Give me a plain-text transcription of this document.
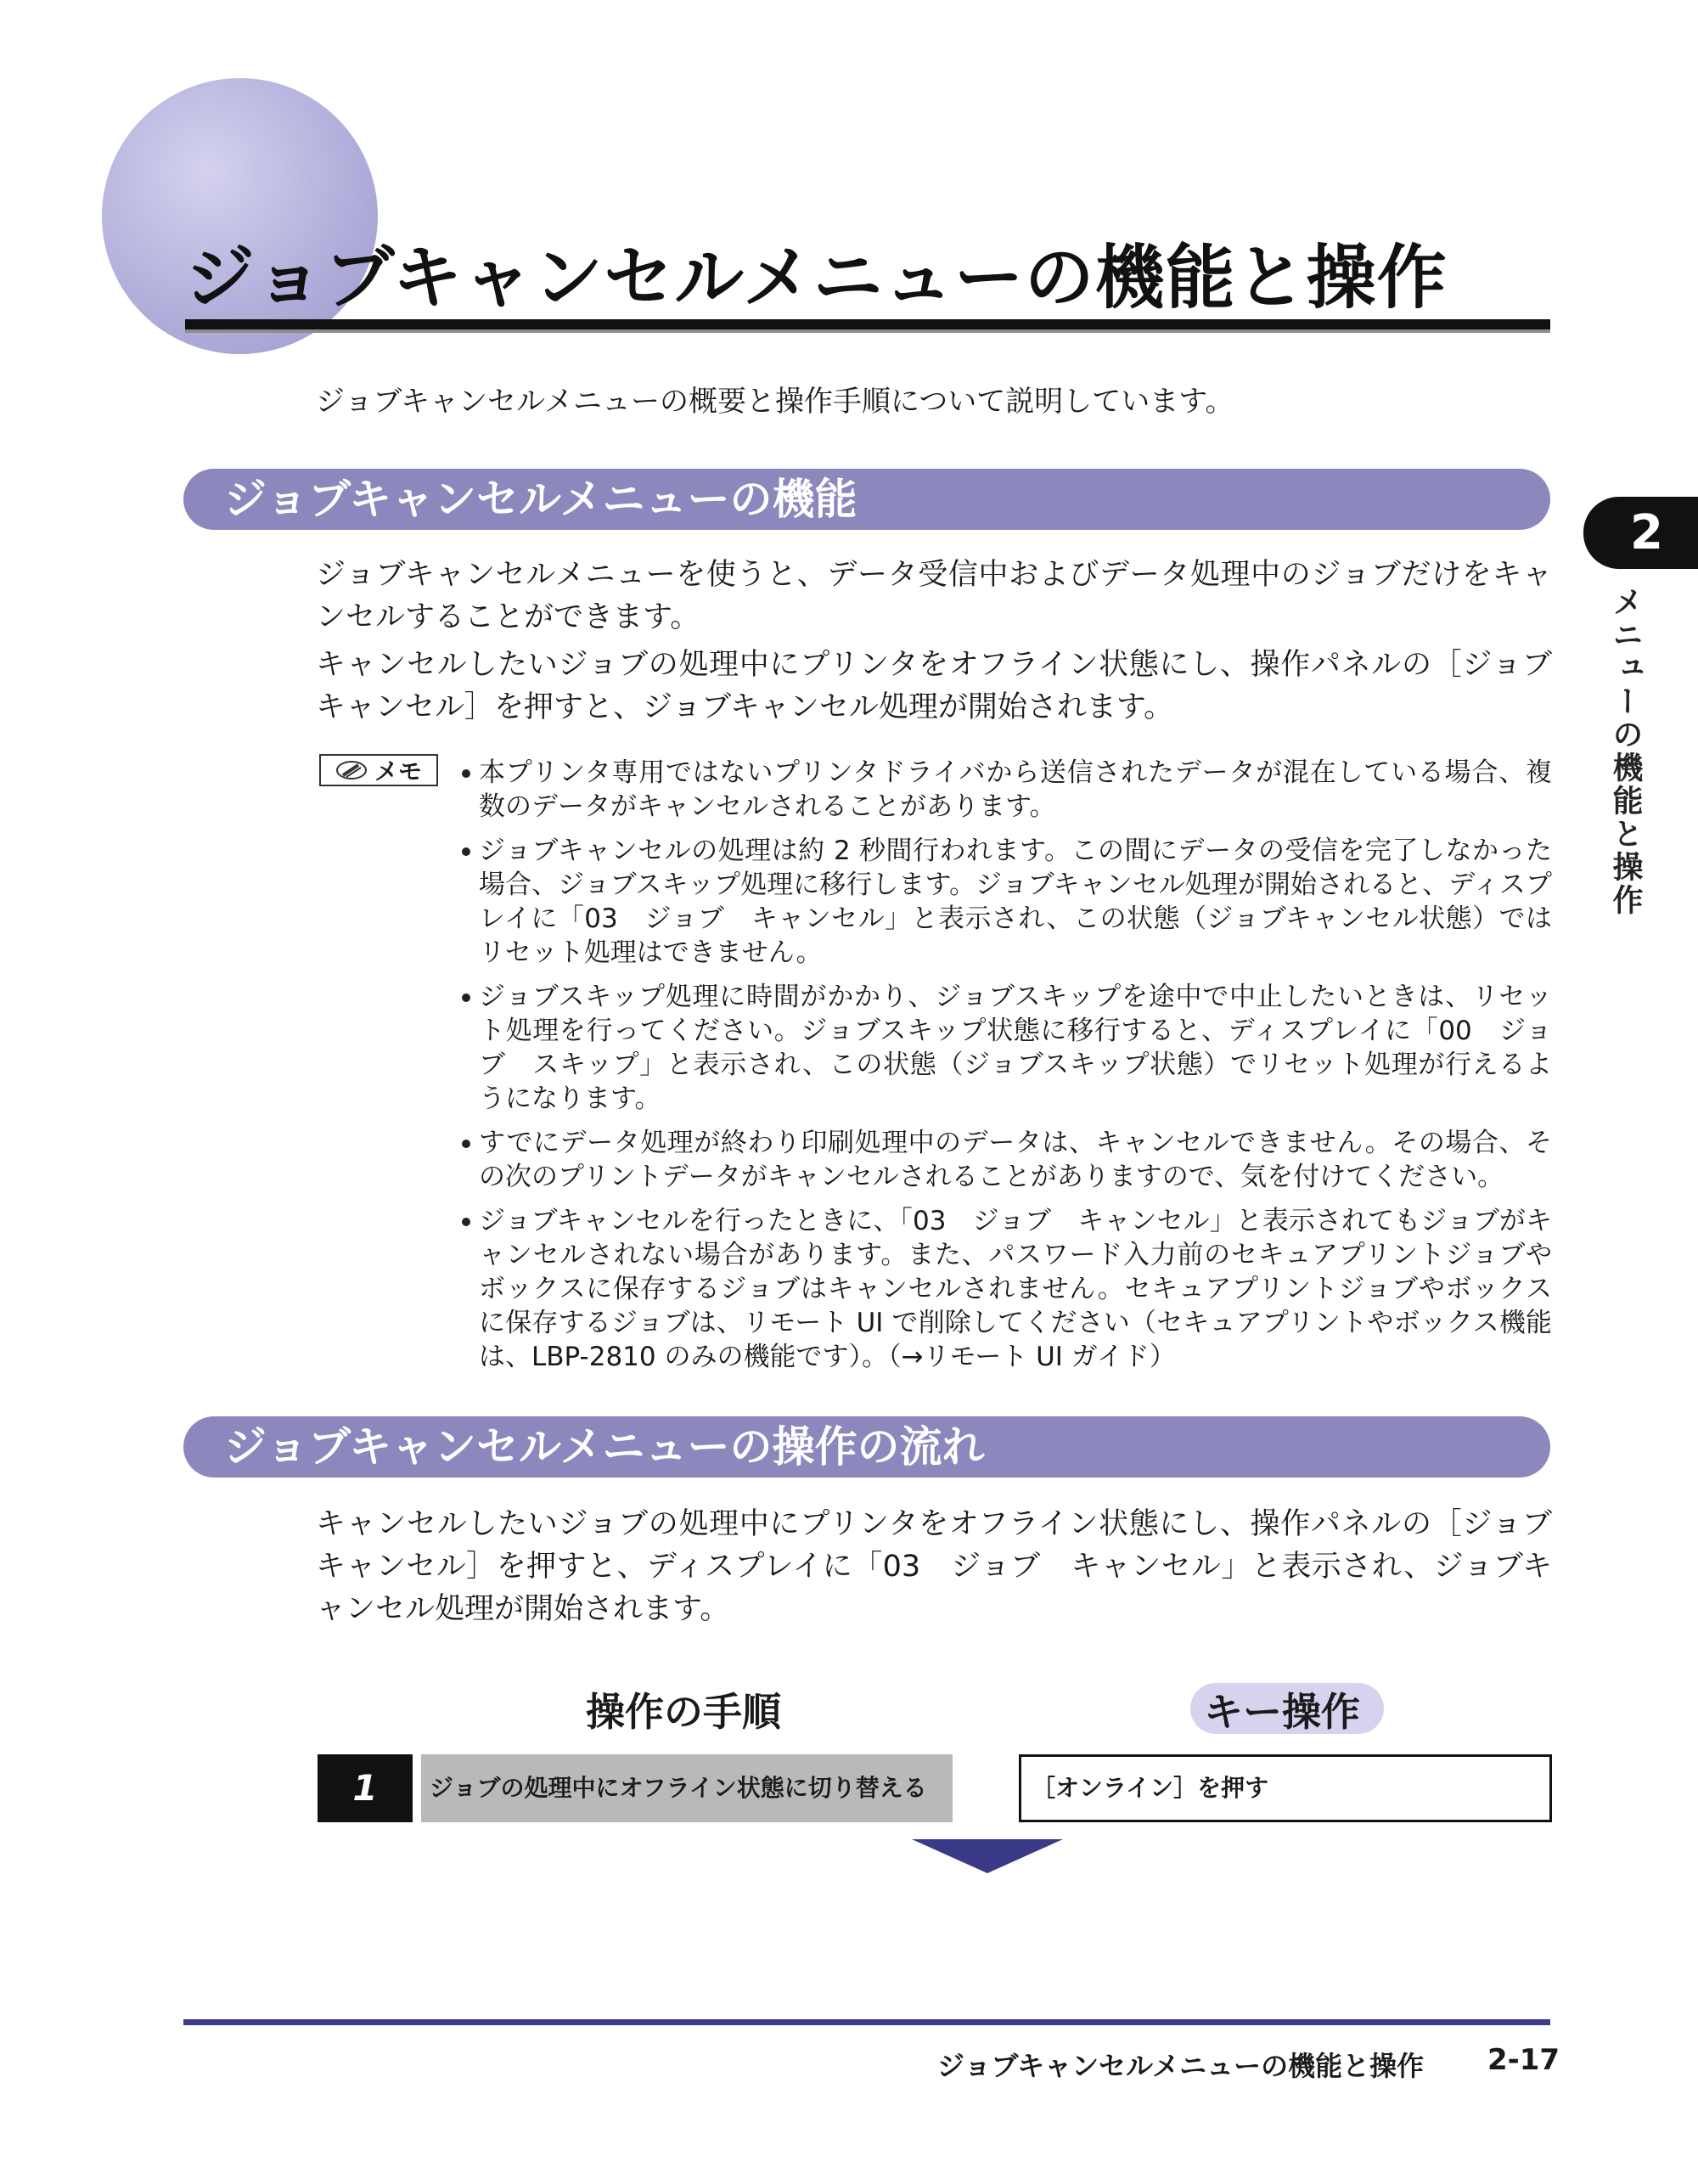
ジョブキャンセルメニューの機能と操作
ジョブキャンセルメニューの概要と操作手順について説明しています。
2
メニューの機能と操作
ジョブキャンセルメニューの機能
ジョブキャンセルメニューを使うと、データ受信中およびデータ処理中のジョブだけをキャンセルすることができます。
キャンセルしたいジョブの処理中にプリンタをオフライン状態にし、操作パネルの［ジョブキャンセル］を押すと、ジョブキャンセル処理が開始されます。
メモ	本プリンタ専用ではないプリンタドライバから送信されたデータが混在している場合、複数のデータがキャンセルされることがあります。
ジョブキャンセルの処理は約 2 秒間行われます。この間にデータの受信を完了しなかった場合、ジョブスキップ処理に移行します。ジョブキャンセル処理が開始されると、ディスプレイに「03　ジョブ　キャンセル」と表示され、この状態（ジョブキャンセル状態）ではリセット処理はできません。
ジョブスキップ処理に時間がかかり、ジョブスキップを途中で中止したいときは、リセット処理を行ってください。ジョブスキップ状態に移行すると、ディスプレイに「00　ジョブ　スキップ」と表示され、この状態（ジョブスキップ状態）でリセット処理が行えるようになります。
すでにデータ処理が終わり印刷処理中のデータは、キャンセルできません。その場合、その次のプリントデータがキャンセルされることがありますので、気を付けてください。
ジョブキャンセルを行ったときに、「03　ジョブ　キャンセル」と表示されてもジョブがキャンセルされない場合があります。また、パスワード入力前のセキュアプリントジョブやボックスに保存するジョブはキャンセルされません。セキュアプリントジョブやボックスに保存するジョブは、リモート UI で削除してください（セキュアプリントやボックス機能は、LBP-2810 のみの機能です）。（→リモート UI ガイド）
ジョブキャンセルメニューの操作の流れ
キャンセルしたいジョブの処理中にプリンタをオフライン状態にし、操作パネルの［ジョブキャンセル］を押すと、ディスプレイに「03　ジョブ　キャンセル」と表示され、ジョブキャンセル処理が開始されます。
操作の手順	キー操作
1	ジョブの処理中にオフライン状態に切り替える	［オンライン］を押す
ジョブキャンセルメニューの機能と操作 2-17
